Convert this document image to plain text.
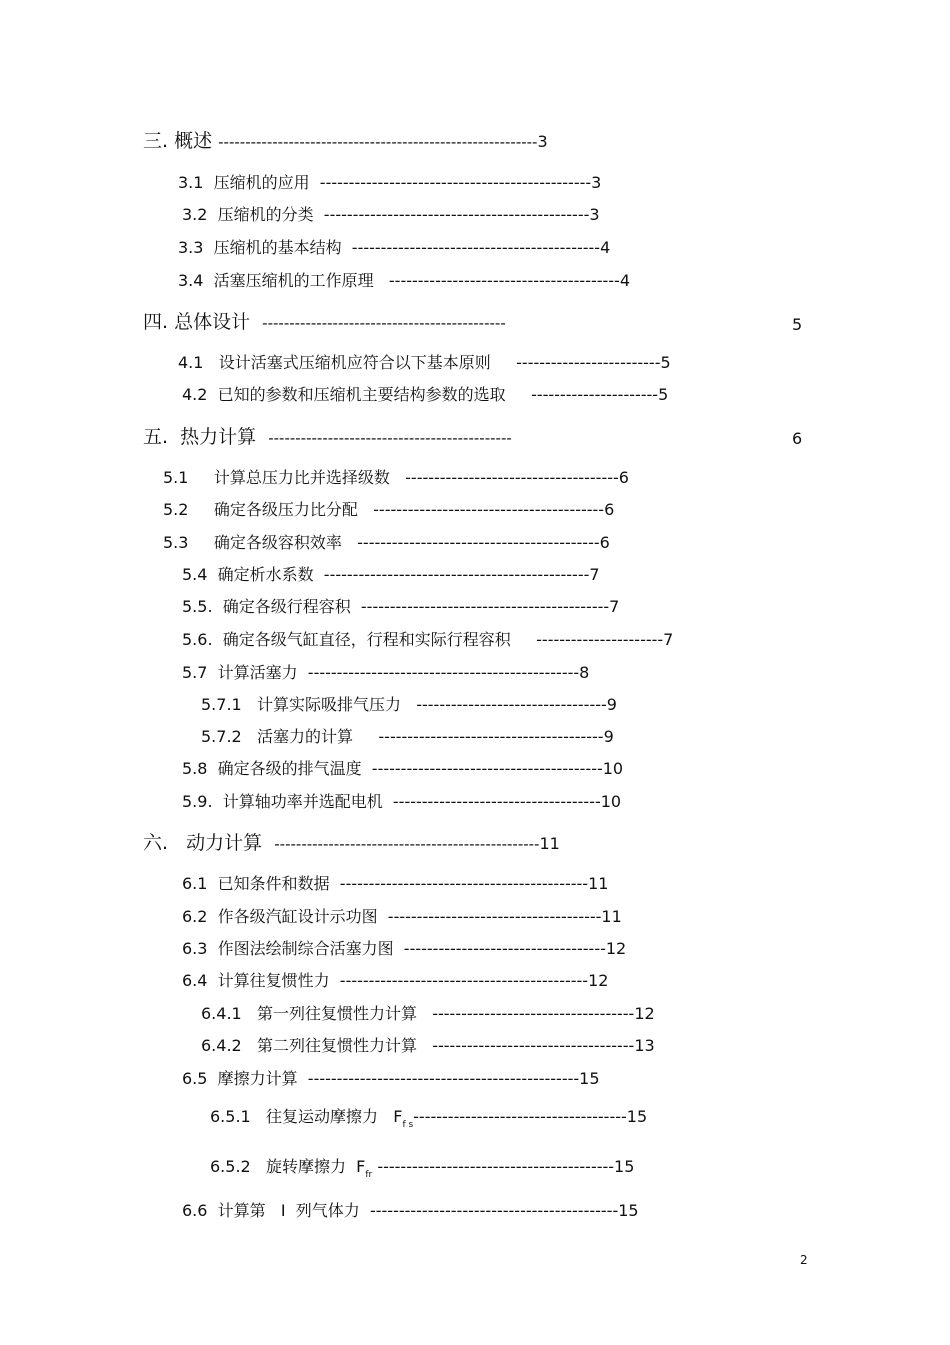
三. 概述 -----------------------------------------------------------3
3.1  压缩机的应用  -----------------------------------------------3
3.2  压缩机的分类  ----------------------------------------------3
3.3  压缩机的基本结构  -------------------------------------------4
3.4  活塞压缩机的工作原理   ----------------------------------------4
四. 总体设计  ---------------------------------------------	5
4.1   设计活塞式压缩机应符合以下基本原则     -------------------------5
4.2  已知的参数和压缩机主要结构参数的选取     ----------------------5
五.  热力计算  ---------------------------------------------	6
5.1     计算总压力比并选择级数   -------------------------------------6
5.2     确定各级压力比分配   ----------------------------------------6
5.3     确定各级容积效率   ------------------------------------------6
5.4  确定析水系数  ----------------------------------------------7
5.5.  确定各级行程容积  -------------------------------------------7
5.6.  确定各级气缸直径，行程和实际行程容积     ----------------------7
5.7  计算活塞力  -----------------------------------------------8
5.7.1   计算实际吸排气压力   ---------------------------------9
5.7.2   活塞力的计算     ---------------------------------------9
5.8  确定各级的排气温度  ----------------------------------------10
5.9.  计算轴功率并选配电机  ------------------------------------10
六.   动力计算  -------------------------------------------------11
6.1  已知条件和数据  -------------------------------------------11
6.2  作各级汽缸设计示功图  -------------------------------------11
6.3  作图法绘制综合活塞力图  -----------------------------------12
6.4  计算往复惯性力  -------------------------------------------12
6.4.1   第一列往复惯性力计算   -----------------------------------12
6.4.2   第二列往复惯性力计算   -----------------------------------13
6.5  摩擦力计算  -----------------------------------------------15
6.5.1   往复运动摩擦力   $F_{f s}-------------------------------------15$
6.5.2   旋转摩擦力  $F_{fr}$ -----------------------------------------15
6.6  计算第   I  列气体力  -------------------------------------------15
2
